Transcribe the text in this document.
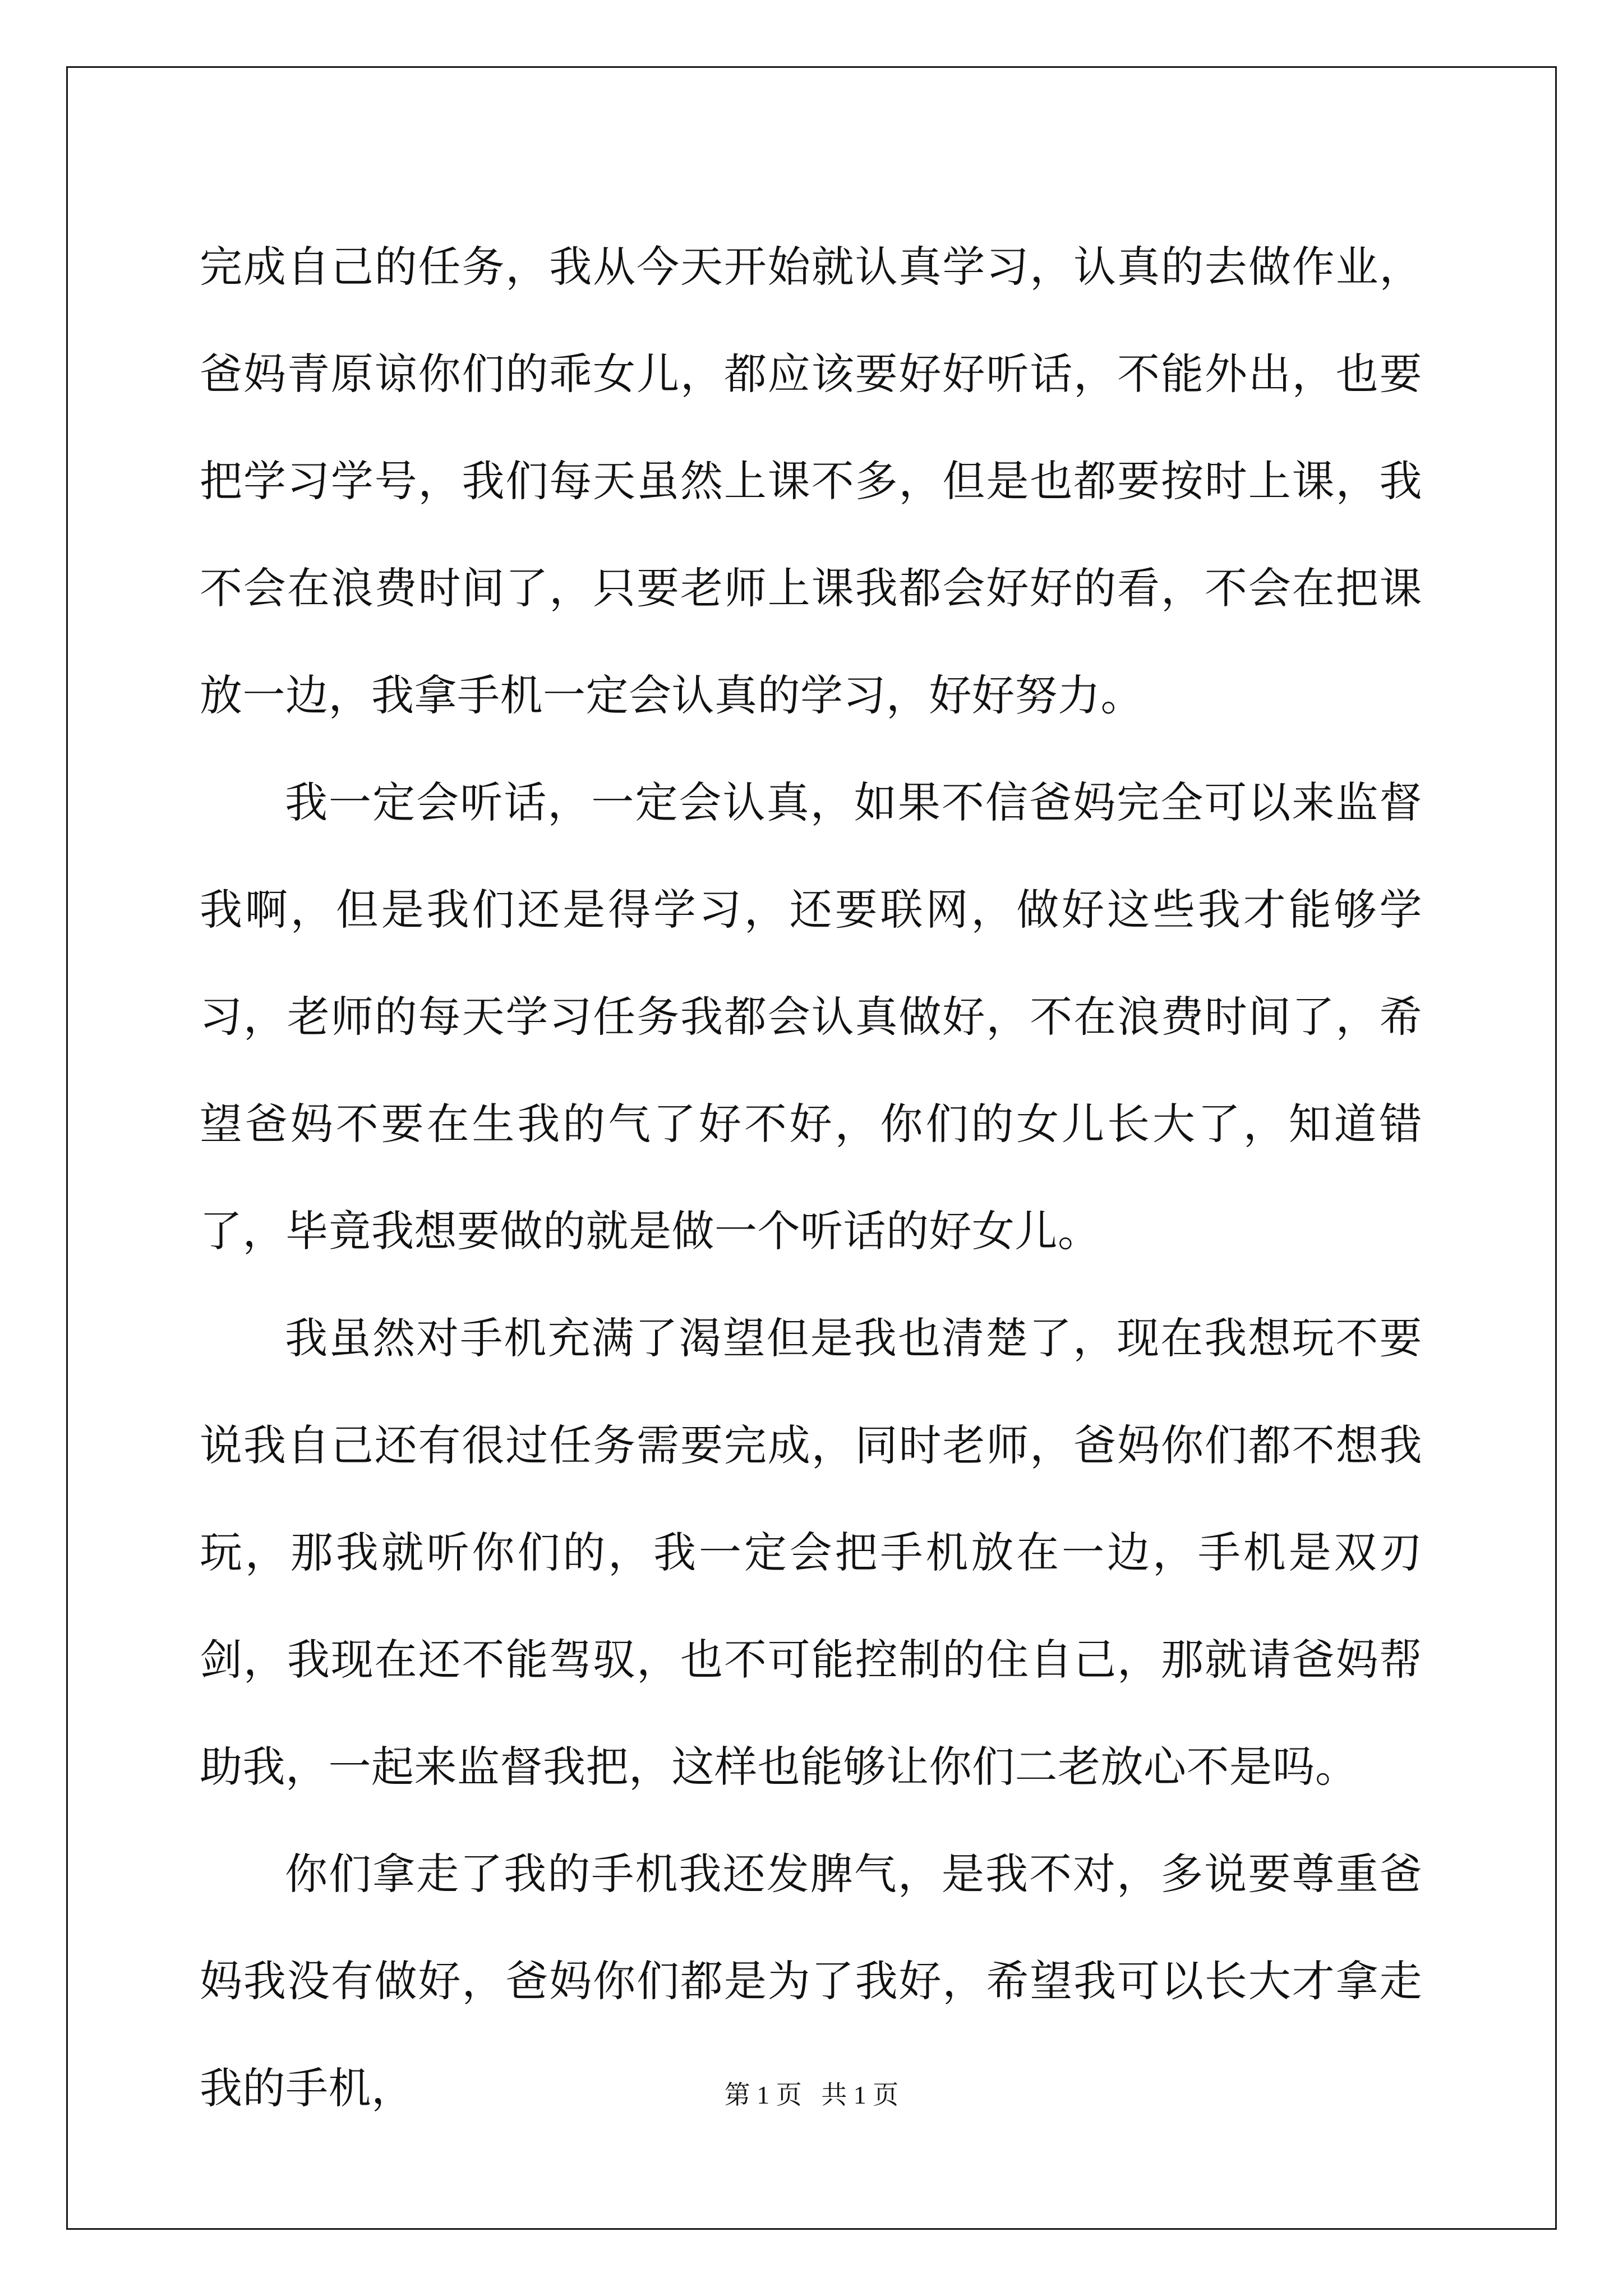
完成自己的任务，我从今天开始就认真学习，认真的去做作业，爸妈青原谅你们的乖女儿，都应该要好好听话，不能外出，也要把学习学号，我们每天虽然上课不多，但是也都要按时上课，我不会在浪费时间了，只要老师上课我都会好好的看，不会在把课放一边，我拿手机一定会认真的学习，好好努力。

我一定会听话，一定会认真，如果不信爸妈完全可以来监督我啊，但是我们还是得学习，还要联网，做好这些我才能够学习，老师的每天学习任务我都会认真做好，不在浪费时间了，希望爸妈不要在生我的气了好不好，你们的女儿长大了，知道错了，毕竟我想要做的就是做一个听话的好女儿。

我虽然对手机充满了渴望但是我也清楚了，现在我想玩不要说我自己还有很过任务需要完成，同时老师，爸妈你们都不想我玩，那我就听你们的，我一定会把手机放在一边，手机是双刃剑，我现在还不能驾驭，也不可能控制的住自己，那就请爸妈帮助我，一起来监督我把，这样也能够让你们二老放心不是吗。

你们拿走了我的手机我还发脾气，是我不对，多说要尊重爸妈我没有做好，爸妈你们都是为了我好，希望我可以长大才拿走我的手机，	第 1 页   共 1 页
